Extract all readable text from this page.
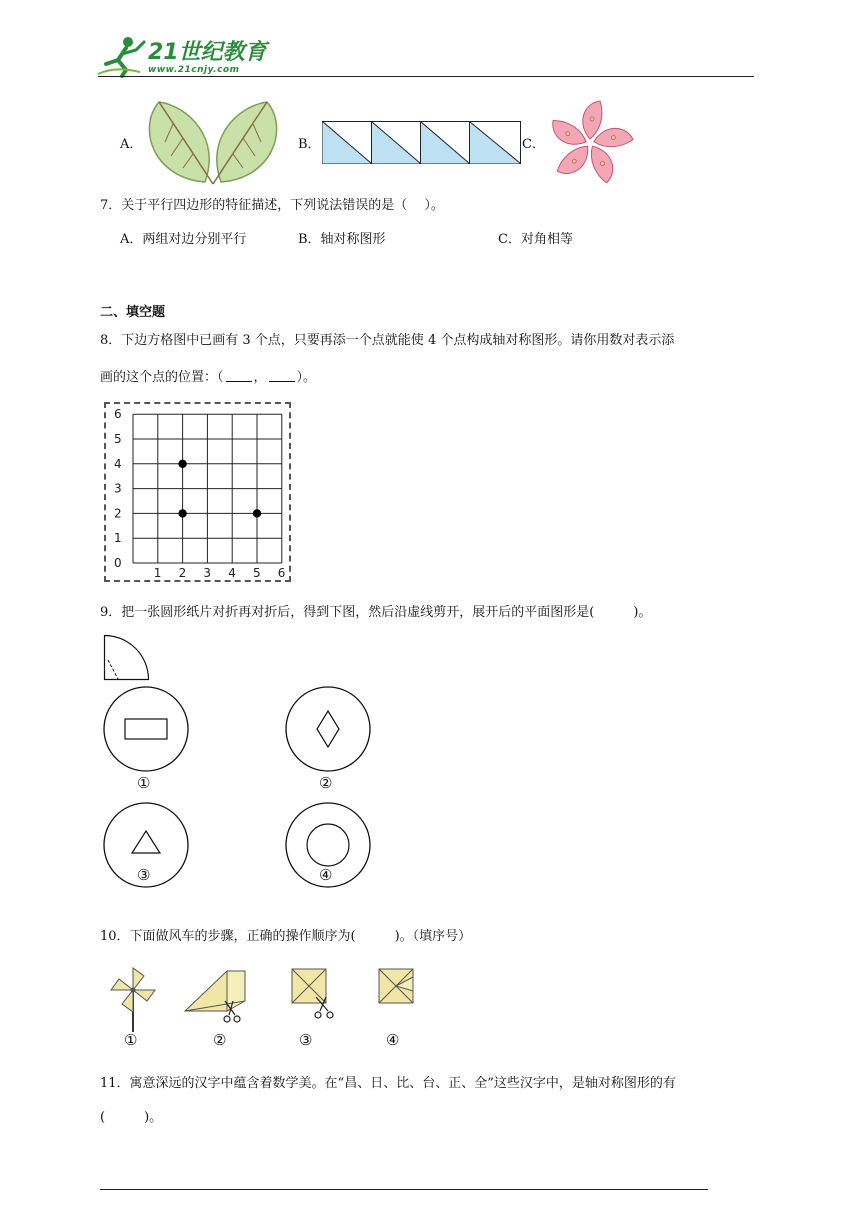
21世纪教育
www.21cnjy.com
A．	B．	C．
7．关于平行四边形的特征描述，下列说法错误的是（　 ）。
A．两组对边分别平行	B．轴对称图形	C．对角相等
二、填空题
8．下边方格图中已画有 3 个点，只要再添一个点就能使 4 个点构成轴对称图形。请你用数对表示添
画的这个点的位置：（ ， ）。
6
5
4
3
2
1
0
1 2 3 4 5 6
9．把一张圆形纸片对折再对折后，得到下图，然后沿虚线剪开，展开后的平面图形是(　　　)。
①	②
③	④
10．下面做风车的步骤，正确的操作顺序为(　　　)。（填序号）
①	②	③	④
11．寓意深远的汉字中蕴含着数学美。在“昌、日、比、台、正、全”这些汉字中，是轴对称图形的有
(　　　)。
